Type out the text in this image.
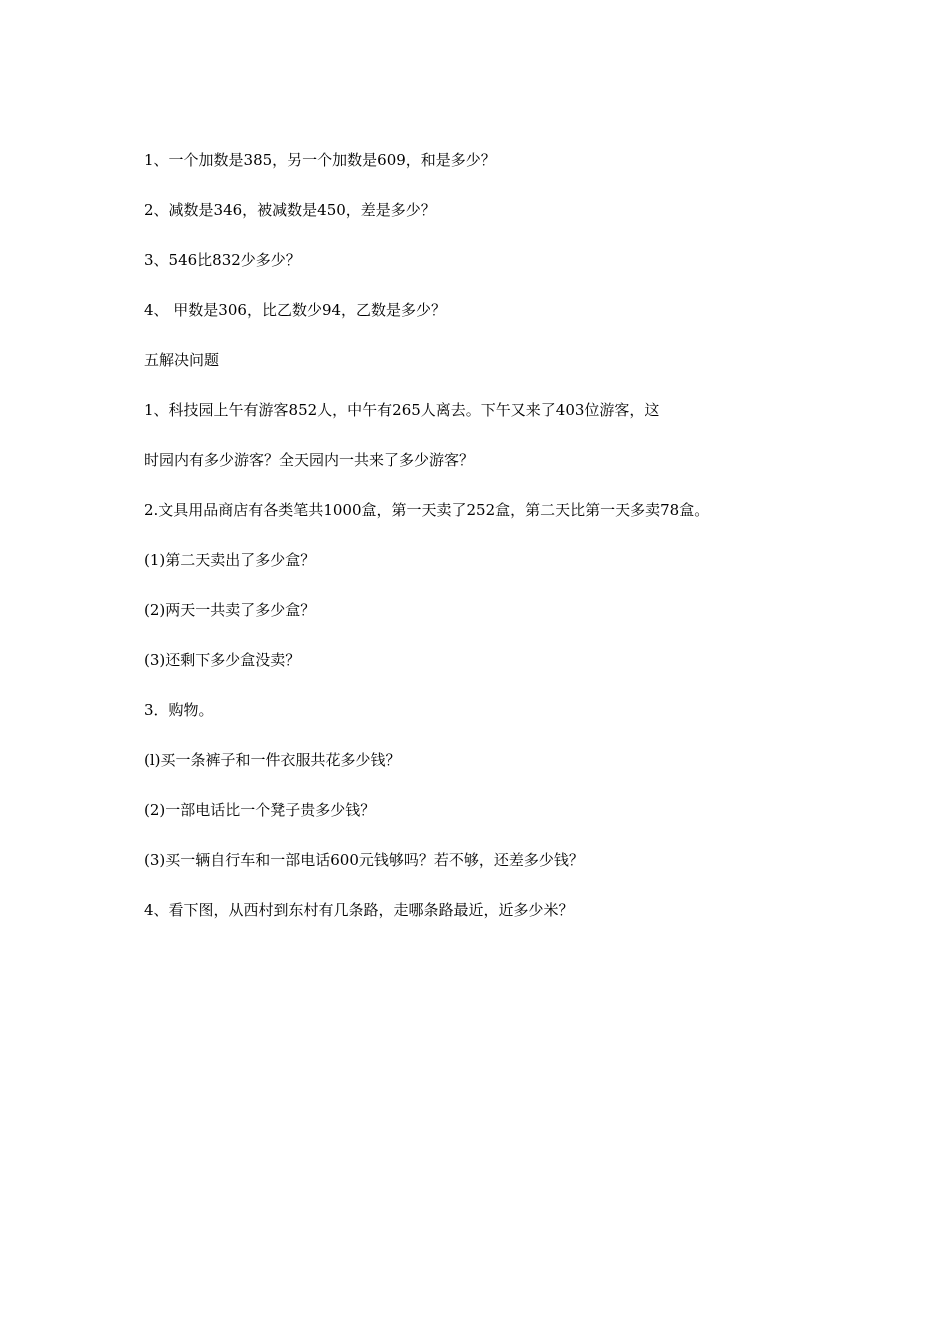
1、一个加数是385，另一个加数是609，和是多少？
2、减数是346，被减数是450，差是多少？
3、546比832少多少？
4、 甲数是306，比乙数少94，乙数是多少？
五解决问题
1、科技园上午有游客852人，中午有265人离去。下午又来了403位游客，这
时园内有多少游客？全天园内一共来了多少游客？
2.文具用品商店有各类笔共1000盒，第一天卖了252盒，第二天比第一天多卖78盒。
(1)第二天卖出了多少盒？
(2)两天一共卖了多少盒？
(3)还剩下多少盒没卖？
3．购物。
(l)买一条裤子和一件衣服共花多少钱？
(2)一部电话比一个凳子贵多少钱？
(3)买一辆自行车和一部电话600元钱够吗？若不够，还差多少钱？
4、看下图，从西村到东村有几条路，走哪条路最近，近多少米？
